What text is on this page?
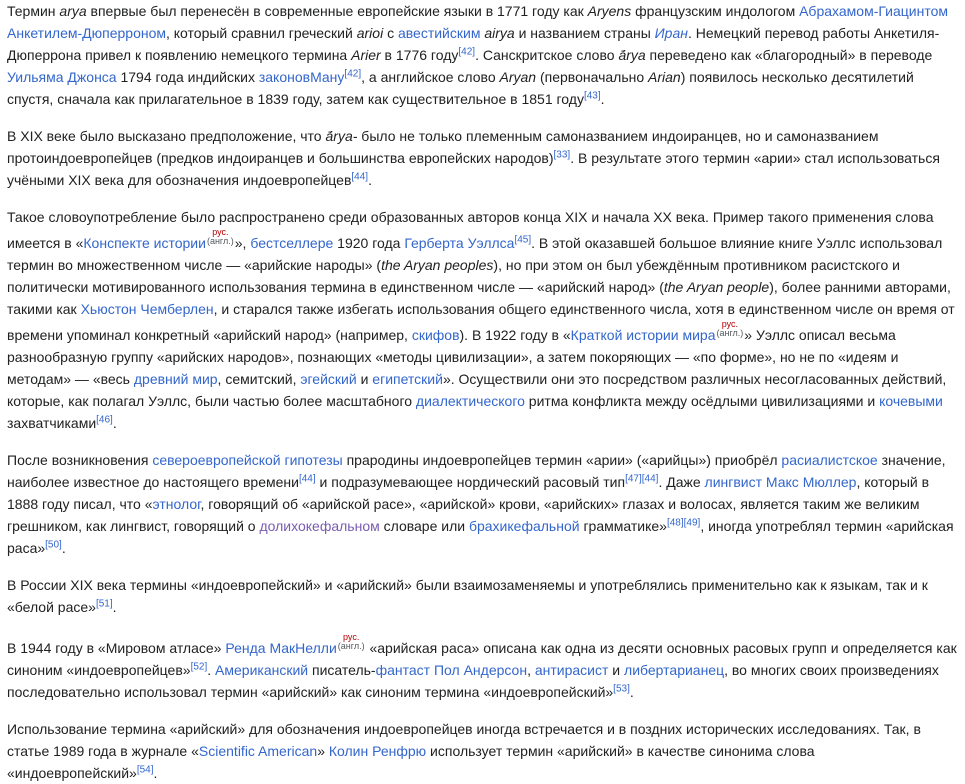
Термин arya впервые был перенесён в современные европейские языки в 1771 году как Aryens французским индологом Абрахамом-Гиацинтом Анкетилем-Дюперроном, который сравнил греческий arioi с авестийским airya и названием страны Иран. Немецкий перевод работы Анкетиля-Дюперрона привел к появлению немецкого термина Arier в 1776 году[42]. Санскритское слово ā́rya переведено как «благородный» в переводе Уильяма Джонса 1794 года индийских законовМану[42], а английское слово Aryan (первоначально Arian) появилось несколько десятилетий спустя, сначала как прилагательное в 1839 году, затем как существительное в 1851 году[43].

В XIX веке было высказано предположение, что ā́rya- было не только племенным самоназванием индоиранцев, но и самоназванием протоиндоевропейцев (предков индоиранцев и большинства европейских народов)[33]. В результате этого термин «арии» стал использоваться учёными XIX века для обозначения индоевропейцев[44].

Такое словоупотребление было распространено среди образованных авторов конца XIX и начала XX века. Пример такого применения слова имеется в «Конспекте истории
рус.
(англ.) », бестселлере 1920 года Герберта Уэллса[45]. В этой оказавшей большое влияние книге Уэллс использовал термин во множественном числе — «арийские народы» (the Aryan peoples), но при этом он был убеждённым противником расистского и политически мотивированного использования термина в единственном числе — «арийский народ» (the Aryan people), более ранними авторами, такими как Хьюстон Чемберлен, и старался также избегать использования общего единственного числа, хотя в единственном числе он время от времени упоминал конкретный «арийский народ» (например, скифов). В 1922 году в «Краткой истории мира
рус.
(англ.) » Уэллс описал весьма разнообразную группу «арийских народов», познающих «методы цивилизации», а затем покоряющих — «по форме», но не по «идеям и методам» — «весь древний мир, семитский, эгейский и египетский». Осуществили они это посредством различных несогласованных действий, которые, как полагал Уэллс, были частью более масштабного диалектического ритма конфликта между осёдлыми цивилизациями и кочевыми захватчиками[46].

После возникновения североевропейской гипотезы прародины индоевропейцев термин «арии» («арийцы») приобрёл расиалистское значение, наиболее известное до настоящего времени[44] и подразумевающее нордический расовый тип[47][44]. Даже лингвист Макс Мюллер, который в 1888 году писал, что «этнолог, говорящий об «арийской расе», «арийской» крови, «арийских» глазах и волосах, является таким же великим грешником, как лингвист, говорящий о долихокефальном словаре или брахикефальной грамматике»[48][49], иногда употреблял термин «арийская раса»[50].

В России XIX века термины «индоевропейский» и «арийский» были взаимозаменяемы и употреблялись применительно как к языкам, так и к «белой расе»[51].

В 1944 году в «Мировом атласе» Ренда МакНелли
рус.
(англ.) «арийская раса» описана как одна из десяти основных расовых групп и определяется как синоним «индоевропейцев»[52]. Американский писатель-фантаст Пол Андерсон, антирасист и либертарианец, во многих своих произведениях последовательно использовал термин «арийский» как синоним термина «индоевропейский»[53].

Использование термина «арийский» для обозначения индоевропейцев иногда встречается и в поздних исторических исследованиях. Так, в статье 1989 года в журнале «Scientific American» Колин Ренфрю использует термин «арийский» в качестве синонима слова «индоевропейский»[54].
